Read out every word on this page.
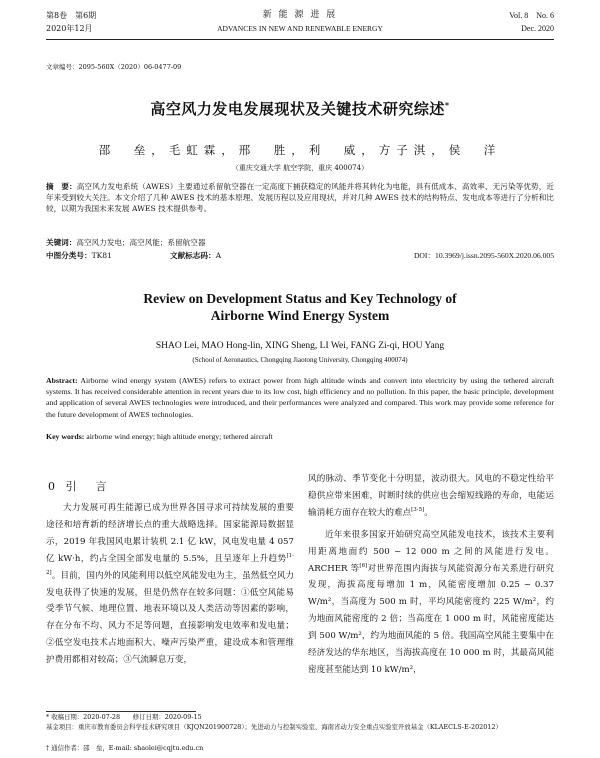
第8卷　第6期
2020年12月
新 能 源 进 展
ADVANCES IN NEW AND RENEWABLE ENERGY
Vol. 8　No. 6
Dec. 2020
文章编号：2095-560X（2020）06-0477-09
高空风力发电发展现状及关键技术研究综述*
邵　垒，毛虹霖，邢　胜，利　威，方子淇，侯　洋
（重庆交通大学 航空学院，重庆 400074）
摘　要：高空风力发电系统（AWES）主要通过系留航空器在一定高度下捕获稳定的风能并将其转化为电能，具有低成本、高效率、无污染等优势，近年来受到较大关注。本文介绍了几种 AWES 技术的基本原理、发展历程以及应用现状，并对几种 AWES 技术的结构特点、发电成本等进行了分析和比较，以期为我国未来发展 AWES 技术提供参考。
关键词：高空风力发电；高空风能；系留航空器
中图分类号：TK81	文献标志码：A	DOI：10.3969/j.issn.2095-560X.2020.06.005
Review on Development Status and Key Technology of
Airborne Wind Energy System
SHAO Lei, MAO Hong-lin, XING Sheng, LI Wei, FANG Zi-qi, HOU Yang
(School of Aeronautics, Chongqing Jiaotong University, Chongqing 400074)
Abstract: Airborne wind energy system (AWES) refers to extract power from high altitude winds and convert into electricity by using the tethered aircraft systems. It has received considerable attention in recent years due to its low cost, high efficiency and no pollution. In this paper, the basic principle, development and application of several AWES technologies were introduced, and their performances were analyzed and compared. This work may provide some reference for the future development of AWES technologies.
Key words: airborne wind energy; high altitude energy; tethered aircraft
0 引　言

大力发展可再生能源已成为世界各国寻求可持续发展的重要途径和培育新的经济增长点的重大战略选择。国家能源局数据显示，2019 年我国风电累计装机 2.1 亿 kW，风电发电量 4 057 亿 kW·h，约占全国全部发电量的 5.5%，且呈逐年上升趋势[1-2]。目前，国内外的风能利用以低空风能发电为主，虽然低空风力发电获得了快速的发展，但是仍然存在较多问题：①低空风能易受季节气候、地理位置、地表环境以及人类活动等因素的影响，存在分布不均、风力不足等问题，直接影响发电效率和发电量；②低空发电技术占地面积大、噪声污染严重，建设成本和管理维护费用都相对较高；③气流瞬息万变，

风的脉动、季节变化十分明显，波动很大。风电的不稳定性给平稳供应带来困难，时断时续的供应也会缩短线路的寿命，电能运输消耗方面存在较大的难点[3-5]。

近年来很多国家开始研究高空风能发电技术，该技术主要利用距离地面约 500 ~ 12 000 m 之间的风能进行发电。ARCHER 等[6]对世界范围内海拔与风能资源分布关系进行研究发现，海拔高度每增加 1 m，风能密度增加 0.25 ~ 0.37 W/m²，当高度为 500 m 时，平均风能密度约 225 W/m²，约为地面风能密度的 2 倍；当高度在 1 000 m 时，风能密度能达到 500 W/m²，约为地面风能的 5 倍。我国高空风能主要集中在经济发达的华东地区，当海拔高度在 10 000 m 时，其最高风能密度甚至能达到 10 kW/m²，

* 收稿日期：2020-07-28　　修订日期：2020-09-15
基金项目：重庆市教育委员会科学技术研究项目（KJQN201900728）；先进动力与控制实验室、海南省动力安全重点实验室开放基金（KLAECLS-E-202012）
† 通信作者：邵　垒，E-mail: shaolei@cqjtu.edu.cn
